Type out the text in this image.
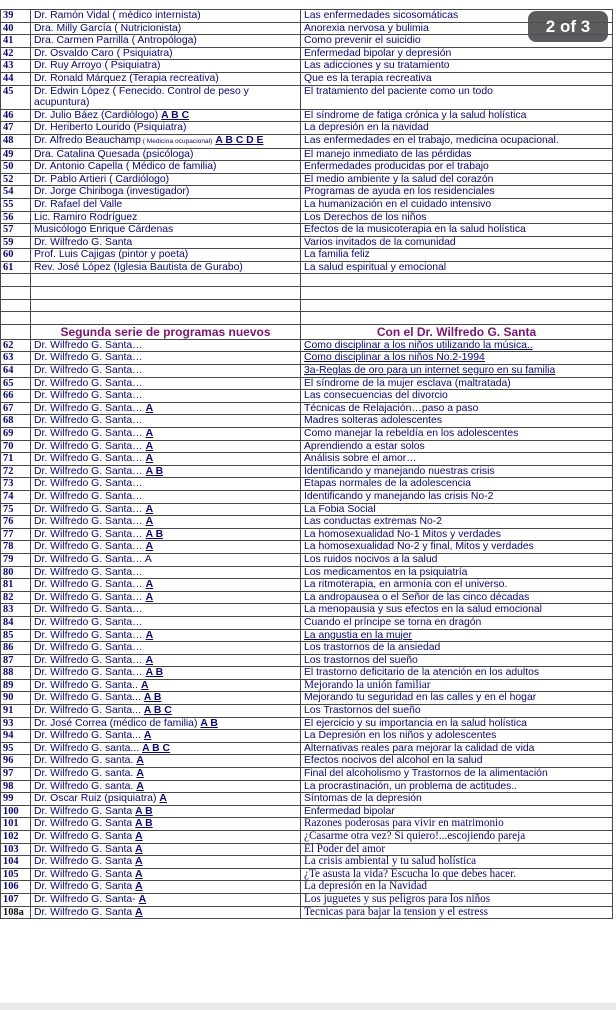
39	Dr. Ramón Vidal ( médico internista)	Las enfermedades sicosomáticas
40	Dra. Milly García ( Nutricionista)	Anorexia nervosa y bulimia
41	Dra. Carmen Parrilla ( Antropóloga)	Como prevenir el suicidio
42	Dr. Osvaldo Caro ( Psiquiatra)	Enfermedad bipolar y depresión
43	Dr. Ruy Arroyo ( Psiquiatra)	Las adicciones y su tratamiento
44	Dr. Ronald Márquez (Terapia recreativa)	Que es la terapia recreativa
45	Dr. Edwin López ( Fenecido. Control de peso y acupuntura)	El tratamiento del paciente como un todo
46	Dr. Julio Báez (Cardiólogo) A B C	El síndrome de fatiga crónica y la salud holística
47	Dr. Heriberto Lourido (Psiquiatra)	La depresión en la navidad
48	Dr. Alfredo Beauchamp ( Medicina ocupacional) A B C D E	Las enfermedades en el trabajo, medicina ocupacional.
49	Dra. Catalina Quesada (psicóloga)	El manejo inmediato de las pérdidas
50	Dr. Antonio Capella ( Médico de familia)	Enfermedades producidas por el trabajo
52	Dr. Pablo Artieri ( Cardiólogo)	El medio ambiente y la salud del corazón
54	Dr. Jorge Chiriboga (investigador)	Programas de ayuda en los residenciales
55	Dr. Rafael del Valle	La humanización en el cuidado intensivo
56	Lic. Ramiro Rodríguez	Los Derechos de los niños
57	Musicólogo Enrique Cárdenas	Efectos de la musicoterapia en la salud holística
59	Dr. Wilfredo G. Santa	Varios invitados de la comunidad
60	Prof. Luis Cajigas (pintor y poeta)	La familia feliz
61	Rev. José López (Iglesia Bautista de Gurabo)	La salud espiritual y emocional

	Segunda serie de programas nuevos	Con el Dr. Wilfredo G. Santa
62	Dr. Wilfredo G. Santa…	Como disciplinar a los niños utilizando la música..
63	Dr. Wilfredo G. Santa…	Como disciplinar a los niños No.2-1994
64	Dr. Wilfredo G. Santa…	3a-Reglas de oro para un internet seguro en su familia
65	Dr. Wilfredo G. Santa…	El síndrome de la mujer esclava (maltratada)
66	Dr. Wilfredo G. Santa…	Las consecuencias del divorcio
67	Dr. Wilfredo G. Santa… A	Técnicas de Relajación…paso a paso
68	Dr. Wilfredo G. Santa…	Madres solteras adolescentes
69	Dr. Wilfredo G. Santa… A	Como manejar la rebeldía en los adolescentes
70	Dr. Wilfredo G. Santa… A	Aprendiendo a estar solos
71	Dr. Wilfredo G. Santa… A	Análisis sobre el amor…
72	Dr. Wilfredo G. Santa… A B	Identificando y manejando nuestras crisis
73	Dr. Wilfredo G. Santa…	Etapas normales de la adolescencia
74	Dr. Wilfredo G. Santa…	Identificando y manejando las crisis No-2
75	Dr. Wilfredo G. Santa… A	La Fobia Social
76	Dr. Wilfredo G. Santa… A	Las conductas extremas No-2
77	Dr. Wilfredo G. Santa… A B	La homosexualidad No-1 Mitos y verdades
78	Dr. Wilfredo G. Santa… A	La homosexualidad No-2 y final, Mitos y verdades
79	Dr. Wilfredo G. Santa… A	Los ruidos nocivos a la salud
80	Dr. Wilfredo G. Santa…	Los medicamentos en la psiquiatría
81	Dr. Wilfredo G. Santa… A	La ritmoterapia, en armonía con el universo.
82	Dr. Wilfredo G. Santa… A	La andropausea o el Señor de las cinco décadas
83	Dr. Wilfredo G. Santa…	La menopausia y sus efectos en la salud emocional
84	Dr. Wilfredo G. Santa…	Cuando el príncipe se torna en dragón
85	Dr. Wilfredo G. Santa… A	La angustia en la mujer
86	Dr. Wilfredo G. Santa…	Los trastornos de la ansiedad
87	Dr. Wilfredo G. Santa… A	Los trastornos del sueño
88	Dr. Wilfredo G. Santa… A B	El trastorno deficitario de la atención en los adultos
89	Dr. Wilfredo G. Santa.. A	Mejorando la unión familiar
90	Dr. Wilfredo G. Santa... A B	Mejorando tu seguridad en las calles y en el hogar
91	Dr. Wilfredo G. Santa... A B C	Los Trastornos del sueño
93	Dr. José Correa (médico de familia) A B	El ejercicio y su importancia en la salud holística
94	Dr. Wilfredo G. Santa... A	La Depresión en los niños y adolescentes
95	Dr. Wilfredo G. santa... A B C	Alternativas reales para mejorar la calidad de vida
96	Dr. Wilfredo G. santa. A	Efectos nocivos del alcohol en la salud
97	Dr. Wilfredo G. santa. A	Final del alcoholismo y Trastornos de la alimentación
98	Dr. Wilfredo G. santa. A	La procrastinación, un problema de actitudes..
99	Dr. Oscar Ruiz (psiquiatra) A	Síntomas de la depresión
100	Dr. Wilfredo G. Santa A B	Enfermedad bipolar
101	Dr. Wilfredo G. Santa A B	Razones poderosas para vivir en matrimonio
102	Dr. Wilfredo G. Santa A	¿Casarme otra vez? Si quiero!...escojiendo pareja
103	Dr. Wilfredo G. Santa A	El Poder del amor
104	Dr. Wilfredo G. Santa A	La crisis ambiental y tu salud holística
105	Dr. Wilfredo G. Santa A	¿Te asusta la vida? Escucha lo que debes hacer.
106	Dr. Wilfredo G. Santa A	La depresión en la Navidad
107	Dr. Wilfredo G. Santa- A	Los juguetes y sus peligros para los niños
108a	Dr. Wilfredo G. Santa A	Tecnicas para bajar la tension y el estress
2 of 3
